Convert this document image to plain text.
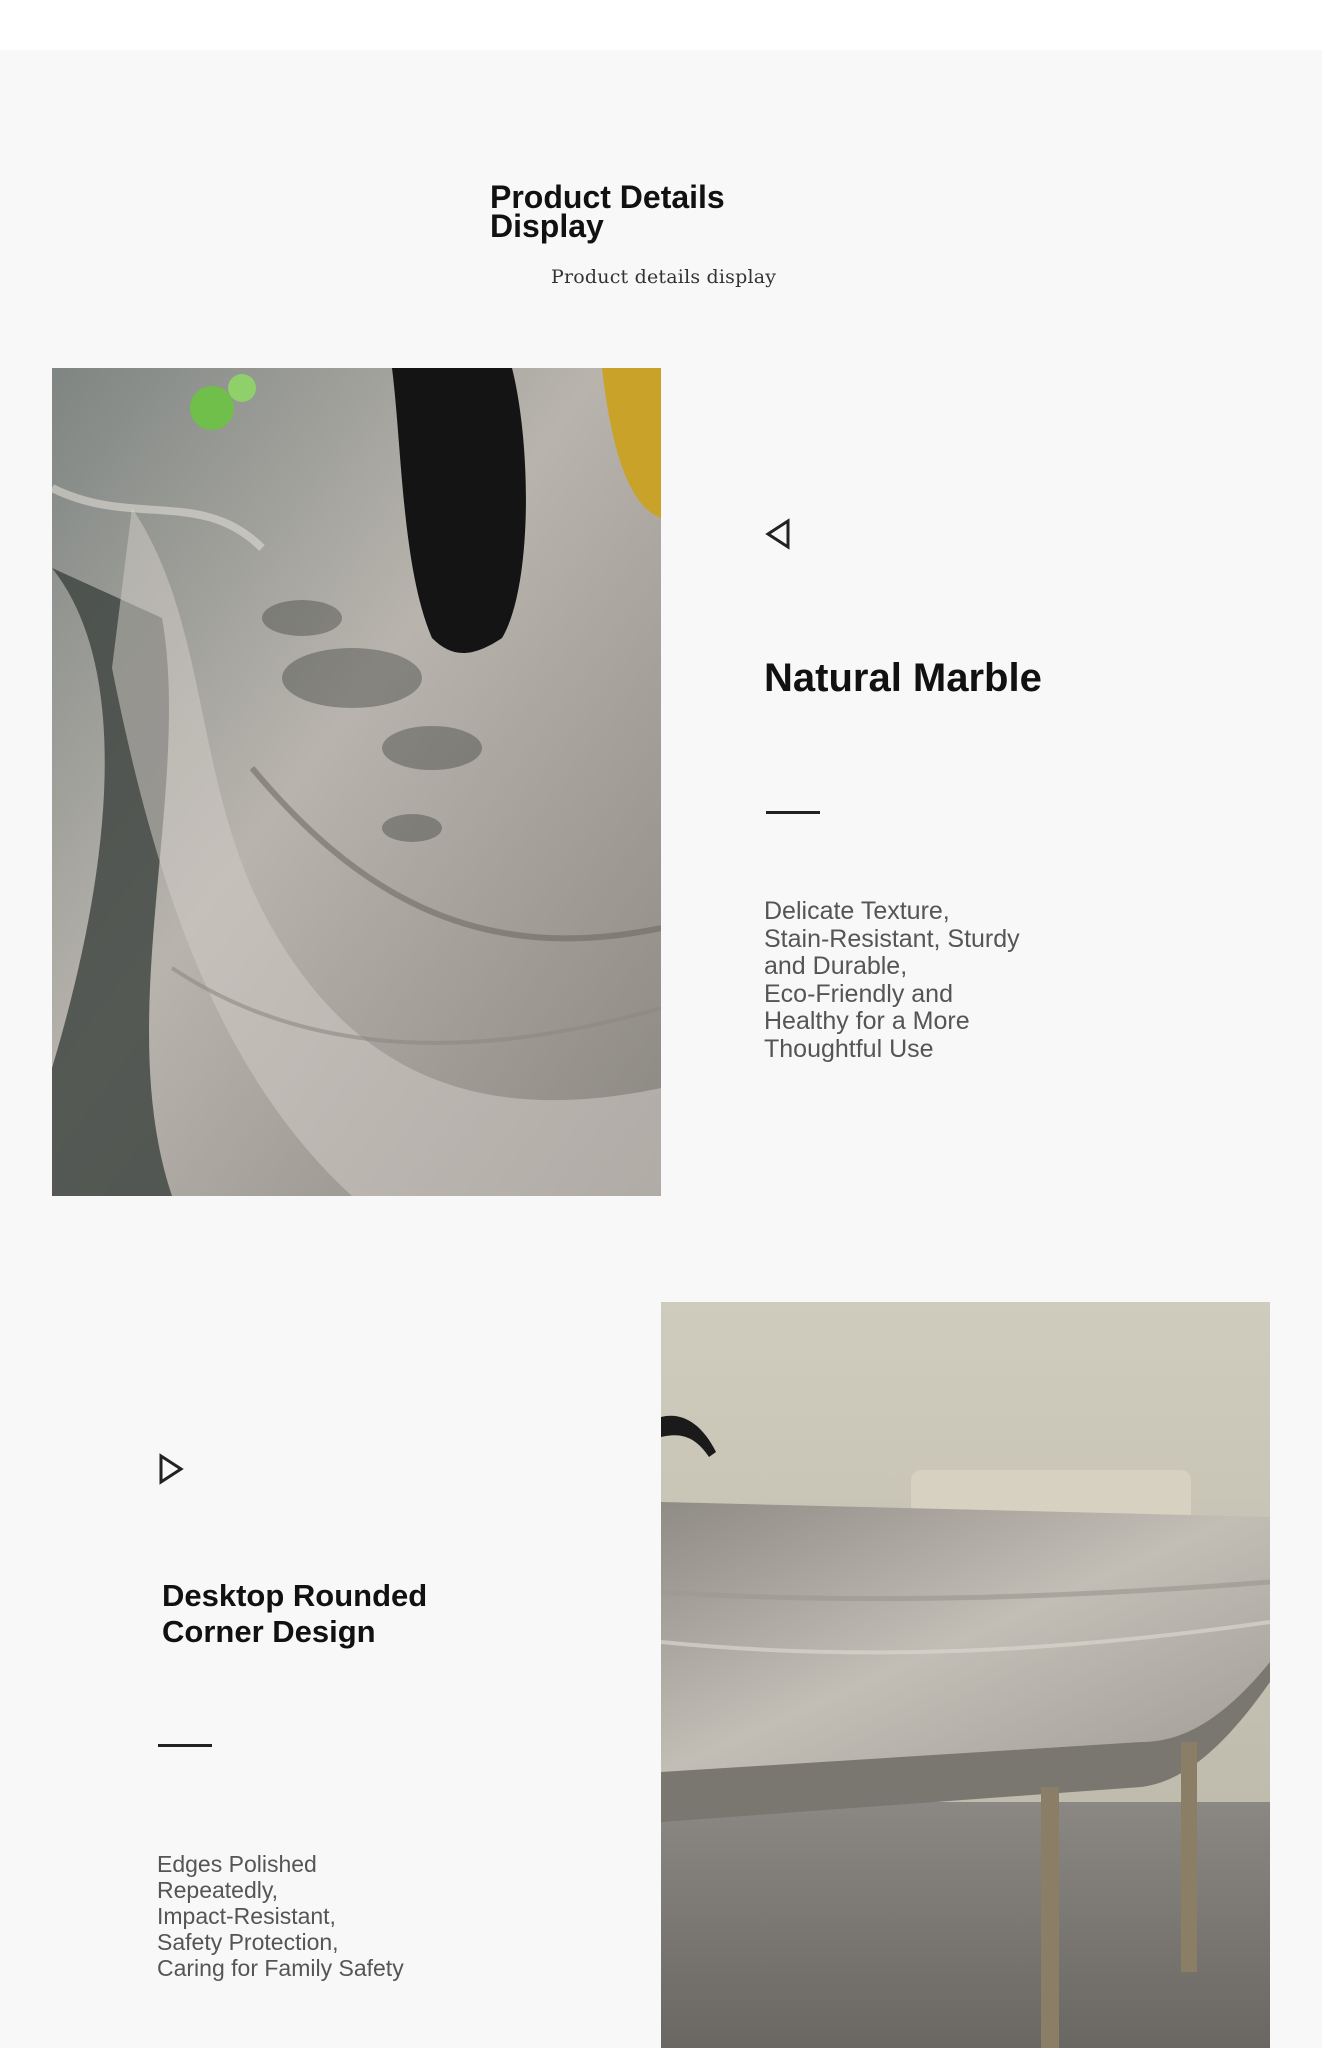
Product Details Display
Product details display
Natural Marble

Delicate Texture,
Stain-Resistant, Sturdy
and Durable,
Eco-Friendly and
Healthy for a More
Thoughtful Use

Desktop Rounded Corner Design

Edges Polished
Repeatedly,
Impact-Resistant,
Safety Protection,
Caring for Family Safety
